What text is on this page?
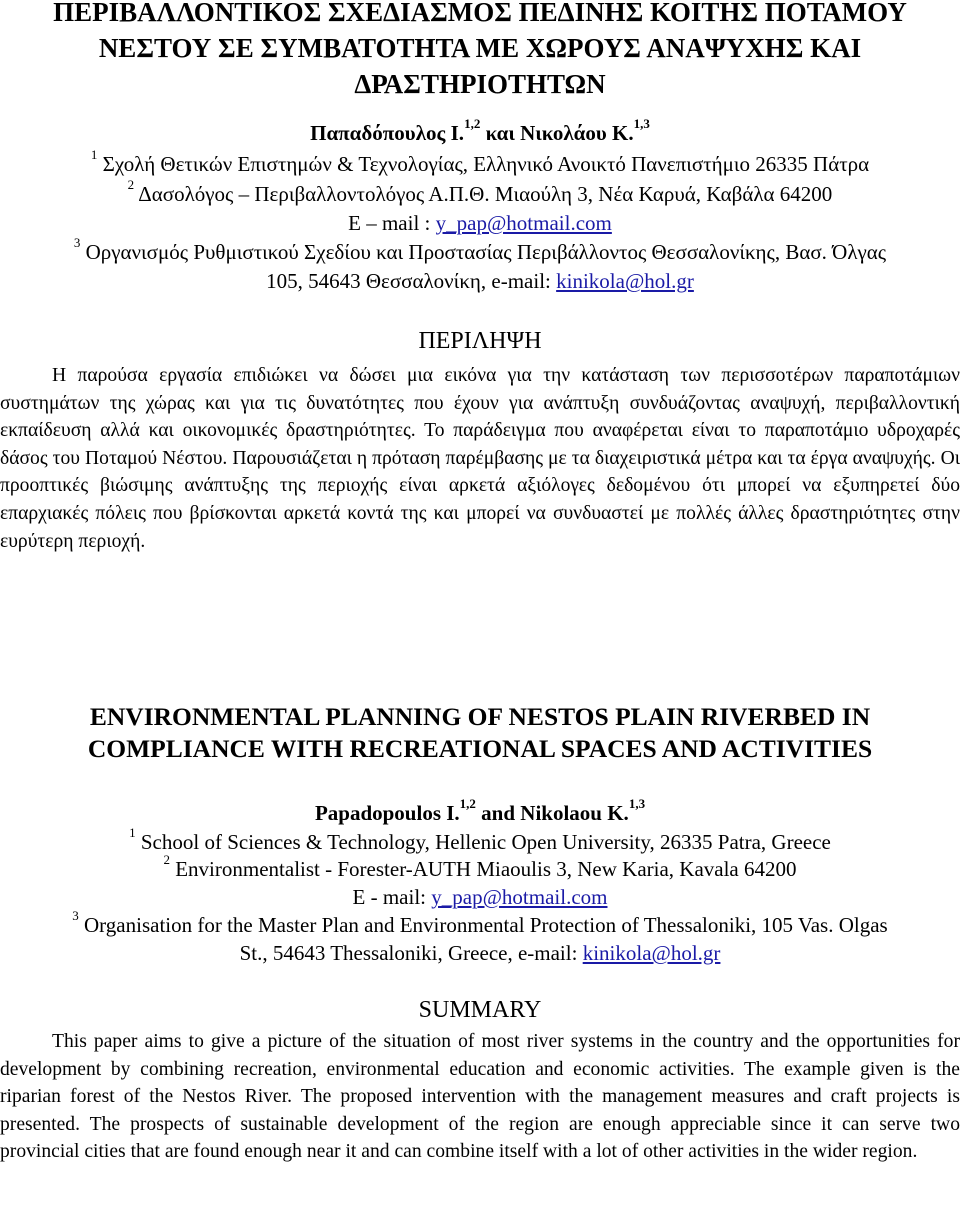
ΠΕΡΙΒΑΛΛΟΝΤΙΚΟΣ ΣΧΕΔΙΑΣΜΟΣ ΠΕΔΙΝΗΣ ΚΟΙΤΗΣ ΠΟΤΑΜΟΥ
ΝΕΣΤΟΥ ΣΕ ΣΥΜΒΑΤΟΤΗΤΑ ΜΕ ΧΩΡΟΥΣ ΑΝΑΨΥΧΗΣ ΚΑΙ
ΔΡΑΣΤΗΡΙΟΤΗΤΩΝ
Παπαδόπουλος Ι.$^{1,2}$ και Νικολάου Κ.$^{1,3}$
$^1$ Σχολή Θετικών Επιστημών & Τεχνολογίας, Ελληνικό Ανοικτό Πανεπιστήμιο 26335 Πάτρα
$^2$ Δασολόγος – Περιβαλλοντολόγος Α.Π.Θ. Μιαούλη 3, Νέα Καρυά, Καβάλα 64200
E – mail : y_pap@hotmail.com
$^3$ Οργανισμός Ρυθμιστικού Σχεδίου και Προστασίας Περιβάλλοντος Θεσσαλονίκης, Βασ. Όλγας
105, 54643 Θεσσαλονίκη, e-mail: kinikola@hol.gr
ΠΕΡΙΛΗΨΗ

Η παρούσα εργασία επιδιώκει να δώσει μια εικόνα για την κατάσταση των περισσοτέρων παραποτάμιων συστημάτων της χώρας και για τις δυνατότητες που έχουν για ανάπτυξη συνδυάζοντας αναψυχή, περιβαλλοντική εκπαίδευση αλλά και οικονομικές δραστηριότητες. Το παράδειγμα που αναφέρεται είναι το παραποτάμιο υδροχαρές δάσος του Ποταμού Νέστου. Παρουσιάζεται η πρόταση παρέμβασης με τα διαχειριστικά μέτρα και τα έργα αναψυχής. Οι προοπτικές βιώσιμης ανάπτυξης της περιοχής είναι αρκετά αξιόλογες δεδομένου ότι μπορεί να εξυπηρετεί δύο επαρχιακές πόλεις που βρίσκονται αρκετά κοντά της και μπορεί να συνδυαστεί με πολλές άλλες δραστηριότητες στην ευρύτερη περιοχή.

ENVIRONMENTAL PLANNING OF NESTOS PLAIN RIVERBED IN
COMPLIANCE WITH RECREATIONAL SPACES AND ACTIVITIES
Papadopoulos I.$^{1,2}$ and Nikolaou K.$^{1,3}$
$^1$ School of Sciences & Technology, Hellenic Open University, 26335 Patra, Greece
$^2$ Environmentalist - Forester-AUTH Miaoulis 3, New Karia, Kavala 64200
E - mail: y_pap@hotmail.com
$^3$ Organisation for the Master Plan and Environmental Protection of Thessaloniki, 105 Vas. Olgas
St., 54643 Thessaloniki, Greece, e-mail: kinikola@hol.gr
SUMMARY

This paper aims to give a picture of the situation of most river systems in the country and the opportunities for development by combining recreation, environmental education and economic activities. The example given is the riparian forest of the Nestos River. The proposed intervention with the management measures and craft projects is presented. The prospects of sustainable development of the region are enough appreciable since it can serve two provincial cities that are found enough near it and can combine itself with a lot of other activities in the wider region.
